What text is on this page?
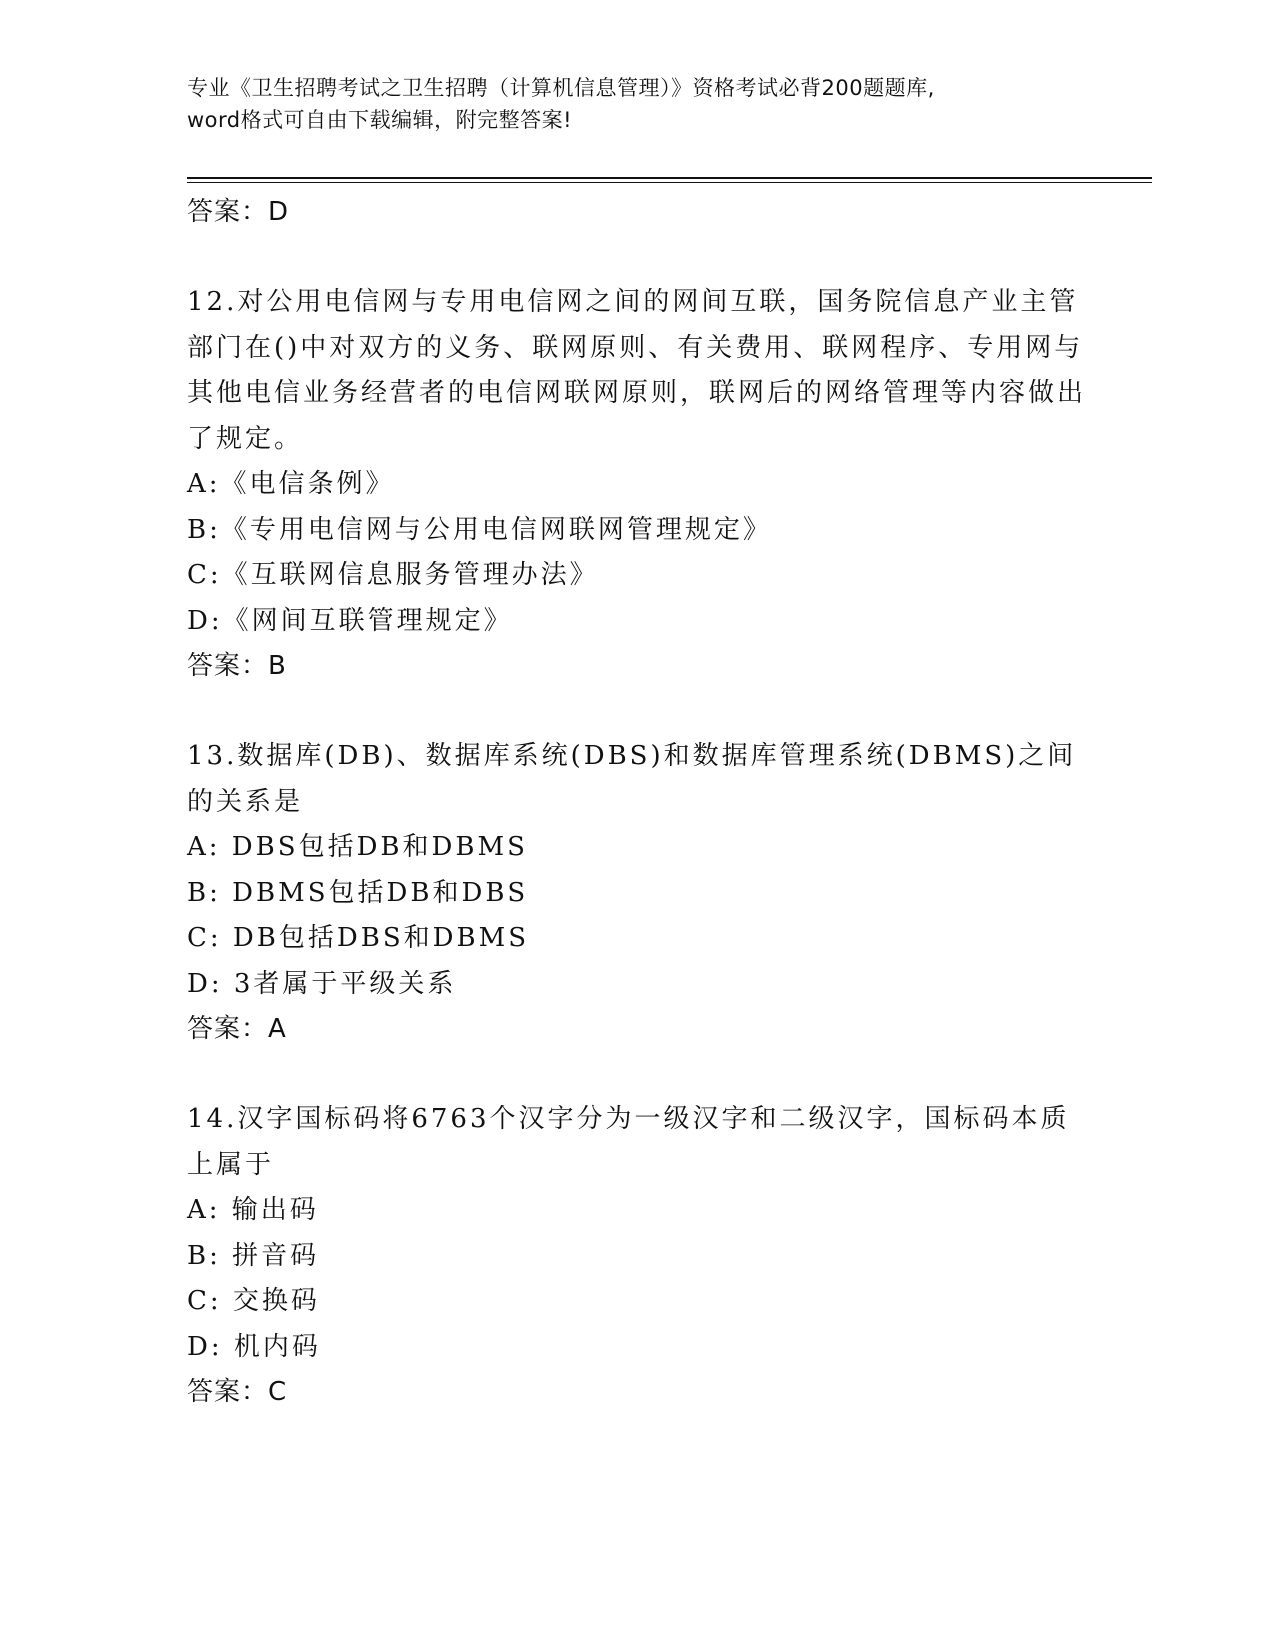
专业《卫生招聘考试之卫生招聘（计算机信息管理）》资格考试必背200题题库,
word格式可自由下载编辑，附完整答案!
答案：D
12.对公用电信网与专用电信网之间的网间互联，国务院信息产业主管部门在()中对双方的义务、联网原则、有关费用、联网程序、专用网与其他电信业务经营者的电信网联网原则，联网后的网络管理等内容做出了规定。
A:《电信条例》
B:《专用电信网与公用电信网联网管理规定》
C:《互联网信息服务管理办法》
D:《网间互联管理规定》
答案：B
13.数据库(DB)、数据库系统(DBS)和数据库管理系统(DBMS)之间的关系是
A: DBS包括DB和DBMS
B: DBMS包括DB和DBS
C: DB包括DBS和DBMS
D: 3者属于平级关系
答案：A
14.汉字国标码将6763个汉字分为一级汉字和二级汉字，国标码本质上属于
A: 输出码
B: 拼音码
C: 交换码
D: 机内码
答案：C
